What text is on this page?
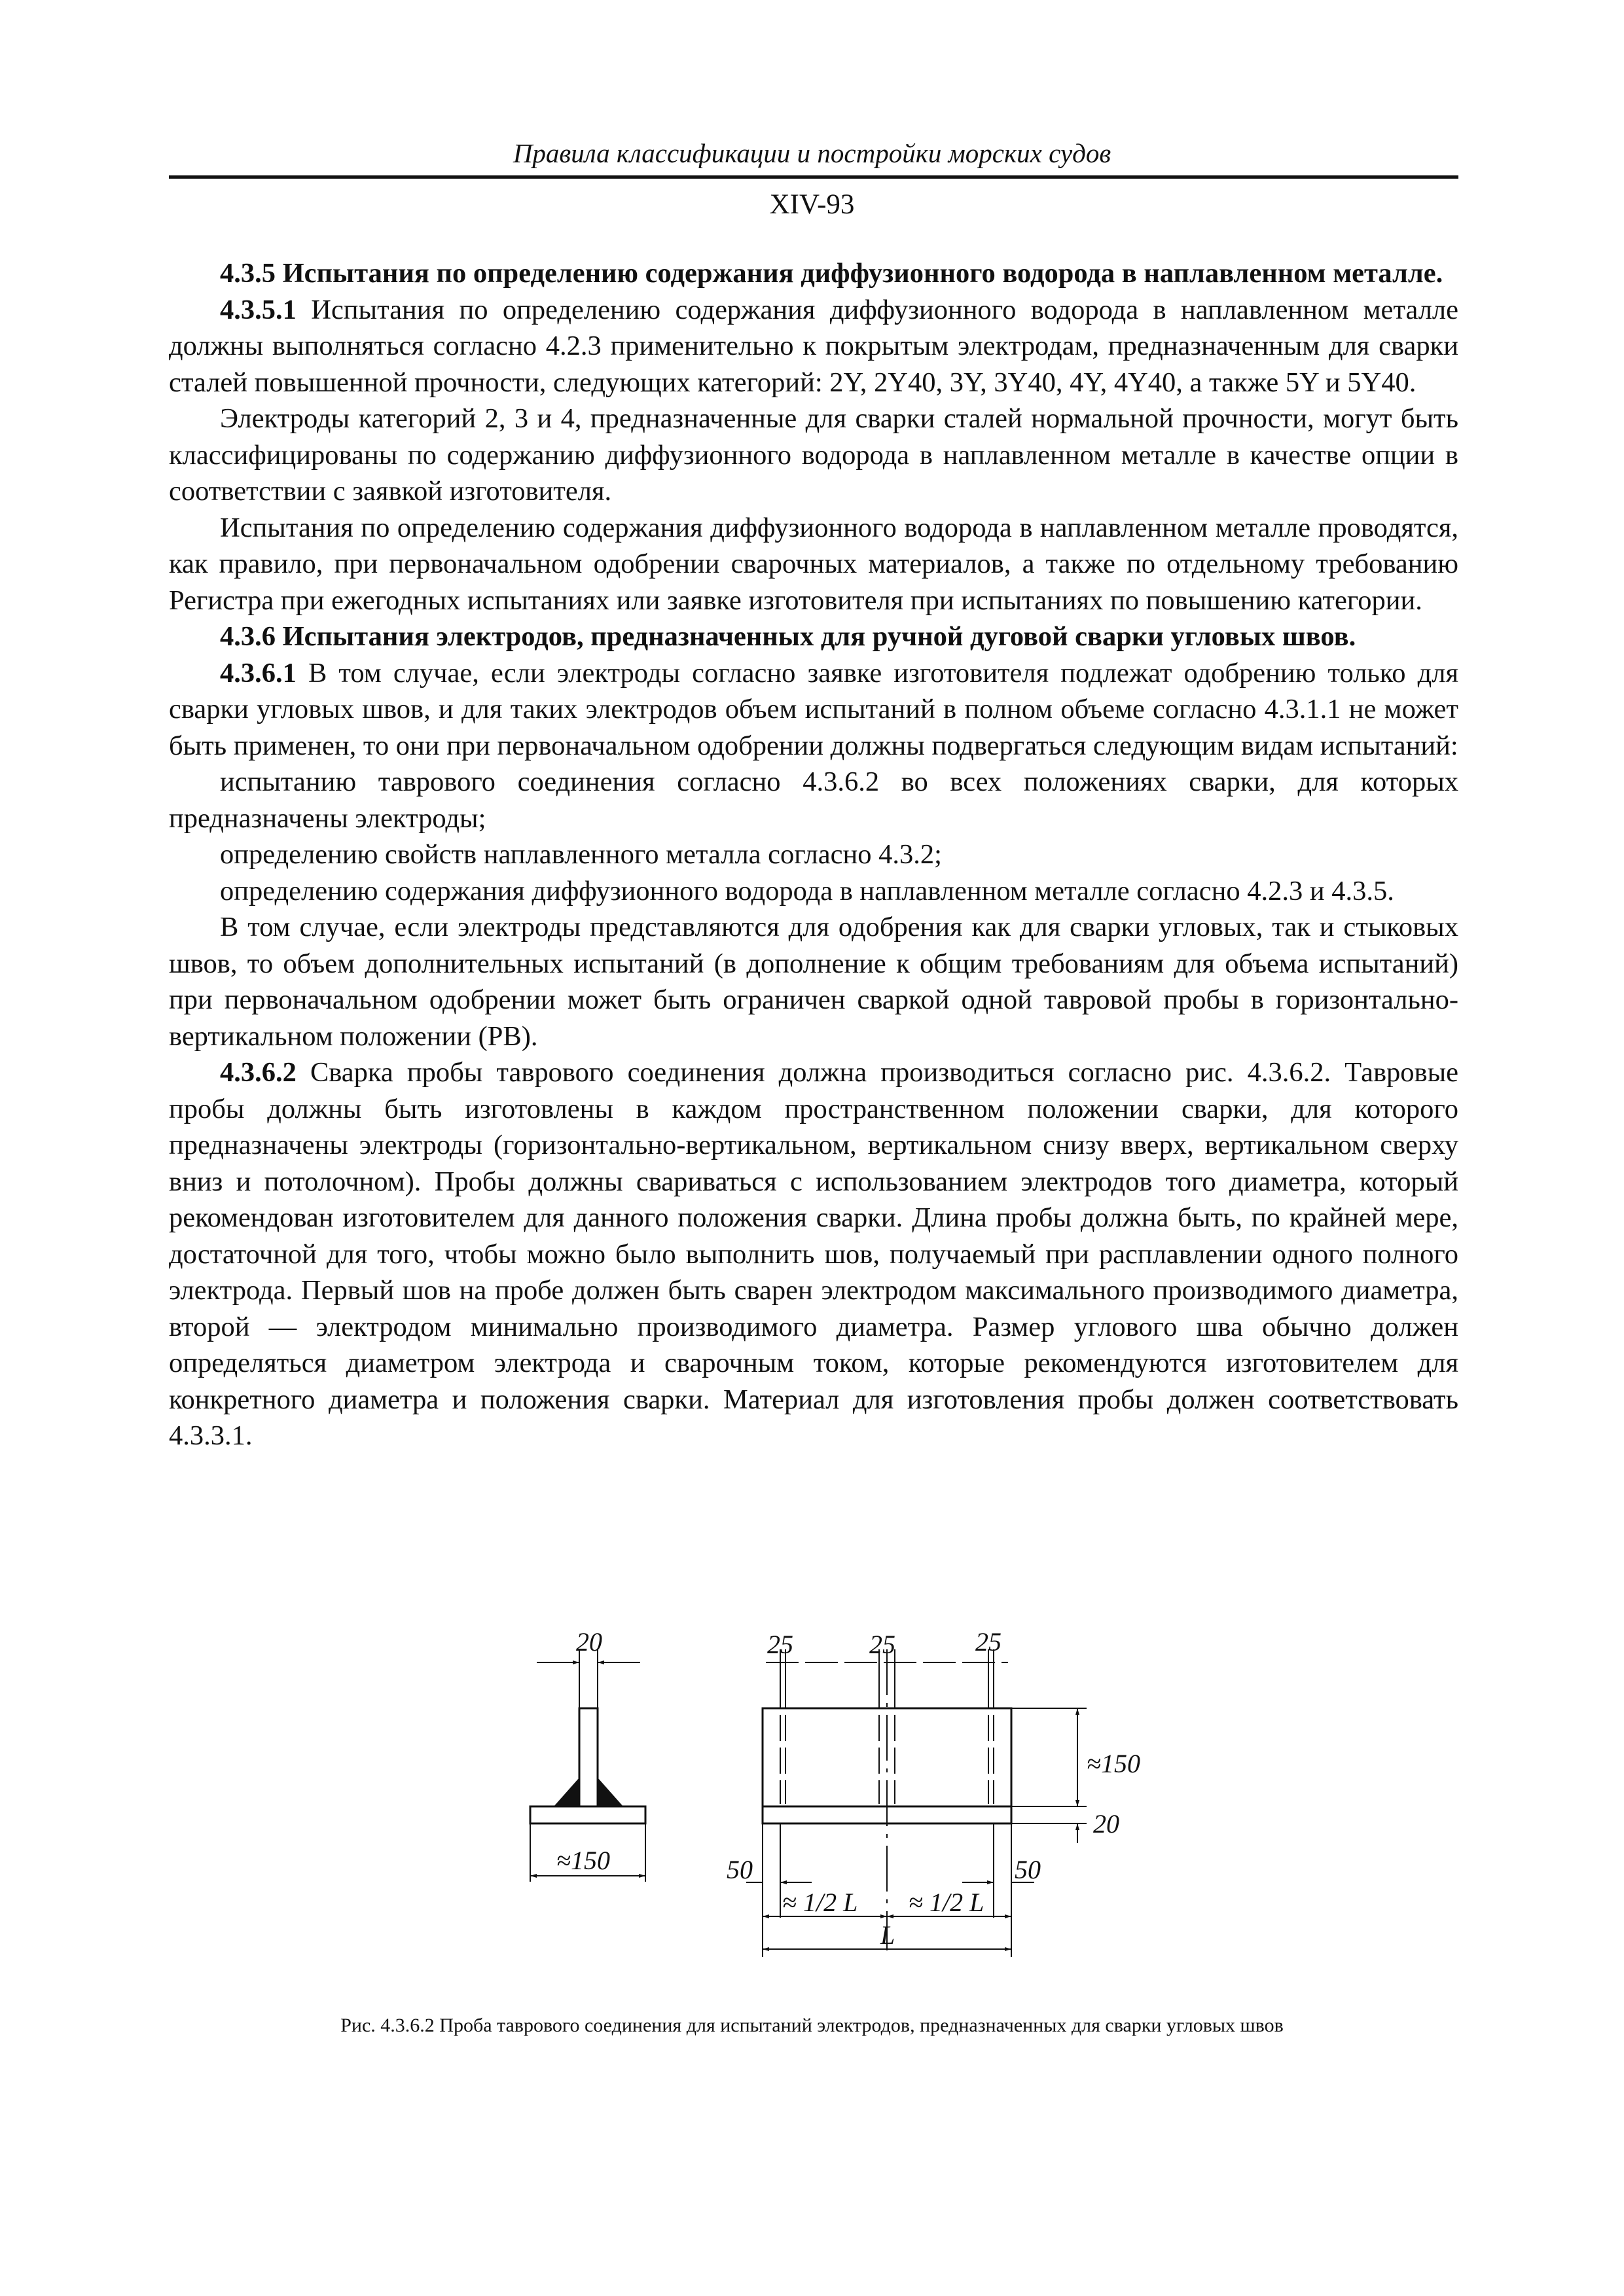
Правила классификации и постройки морских судов
XIV-93

4.3.5 Испытания по определению содержания диффузионного водорода в наплавленном металле.

4.3.5.1 Испытания по определению содержания диффузионного водорода в наплавленном металле должны выполняться согласно 4.2.3 применительно к покрытым электродам, предназначенным для сварки сталей повышенной прочности, следующих категорий: 2Y, 2Y40, 3Y, 3Y40, 4Y, 4Y40, а также 5Y и 5Y40.

Электроды категорий 2, 3 и 4, предназначенные для сварки сталей нормальной прочности, могут быть классифицированы по содержанию диффузионного водорода в наплавленном металле в качестве опции в соответствии с заявкой изготовителя.

Испытания по определению содержания диффузионного водорода в наплавленном металле проводятся, как правило, при первоначальном одобрении сварочных материалов, а также по отдельному требованию Регистра при ежегодных испытаниях или заявке изготовителя при испытаниях по повышению категории.

4.3.6 Испытания электродов, предназначенных для ручной дуговой сварки угловых швов.

4.3.6.1 В том случае, если электроды согласно заявке изготовителя подлежат одобрению только для сварки угловых швов, и для таких электродов объем испытаний в полном объеме согласно 4.3.1.1 не может быть применен, то они при первоначальном одобрении должны подвергаться следующим видам испытаний:

испытанию таврового соединения согласно 4.3.6.2 во всех положениях сварки, для которых предназначены электроды;

определению свойств наплавленного металла согласно 4.3.2;

определению содержания диффузионного водорода в наплавленном металле согласно 4.2.3 и 4.3.5.

В том случае, если электроды представляются для одобрения как для сварки угловых, так и стыковых швов, то объем дополнительных испытаний (в дополнение к общим требованиям для объема испытаний) при первоначальном одобрении может быть ограничен сваркой одной тавровой пробы в горизонтально-вертикальном положении (PB).

4.3.6.2 Сварка пробы таврового соединения должна производиться согласно рис. 4.3.6.2. Тавровые пробы должны быть изготовлены в каждом пространственном положении сварки, для которого предназначены электроды (горизонтально-вертикальном, вертикальном снизу вверх, вертикальном сверху вниз и потолочном). Пробы должны свариваться с использованием электродов того диаметра, который рекомендован изготовителем для данного положения сварки. Длина пробы должна быть, по крайней мере, достаточной для того, чтобы можно было выполнить шов, получаемый при расплавлении одного полного электрода. Первый шов на пробе должен быть сварен электродом максимального производимого диаметра, второй — электродом минимально производимого диаметра. Размер углового шва обычно должен определяться диаметром электрода и сварочным током, которые рекомендуются изготовителем для конкретного диаметра и положения сварки. Материал для изготовления пробы должен соответствовать 4.3.3.1.

20
≈150
25	25	25
≈150
20
50	50
≈ 1/2 L ≈ 1/2 L
L
Рис. 4.3.6.2 Проба таврового соединения для испытаний электродов, предназначенных для сварки угловых швов
